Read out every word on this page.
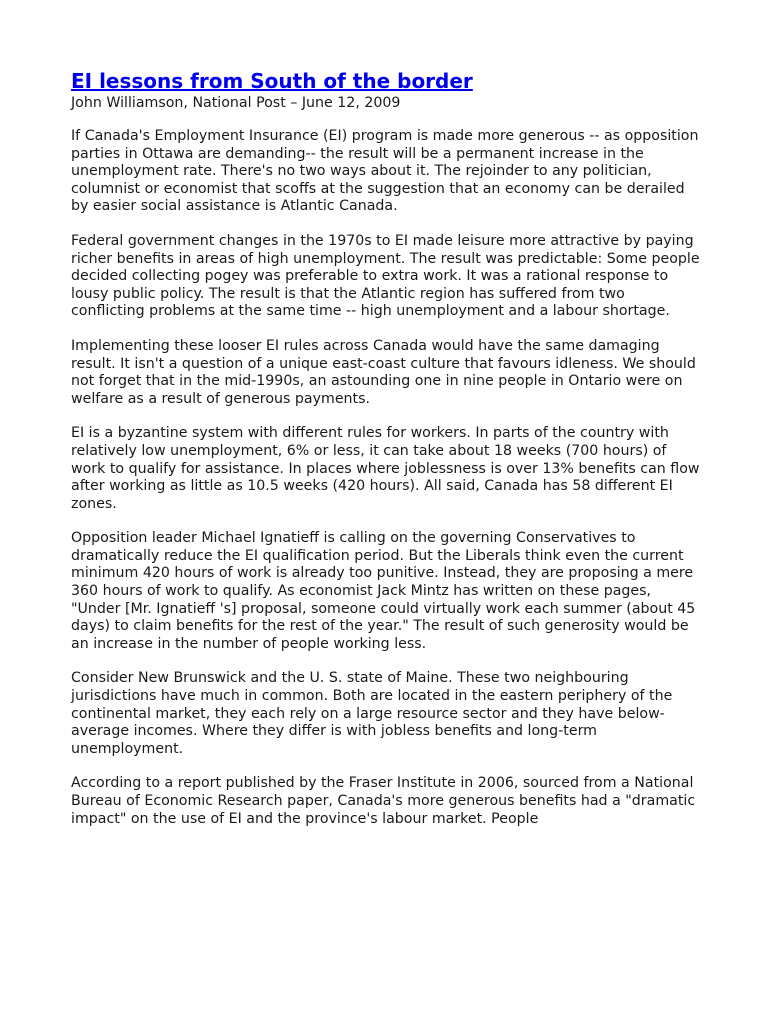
EI lessons from South of the border

John Williamson, National Post – June 12, 2009

If Canada's Employment Insurance (EI) program is made more generous -- as opposition parties in Ottawa are demanding-- the result will be a permanent increase in the unemployment rate. There's no two ways about it. The rejoinder to any politician, columnist or economist that scoffs at the suggestion that an economy can be derailed by easier social assistance is Atlantic Canada.

Federal government changes in the 1970s to EI made leisure more attractive by paying richer benefits in areas of high unemployment. The result was predictable: Some people decided collecting pogey was preferable to extra work. It was a rational response to lousy public policy. The result is that the Atlantic region has suffered from two conflicting problems at the same time -- high unemployment and a labour shortage.

Implementing these looser EI rules across Canada would have the same damaging result. It isn't a question of a unique east-coast culture that favours idleness. We should not forget that in the mid-1990s, an astounding one in nine people in Ontario were on welfare as a result of generous payments.

EI is a byzantine system with different rules for workers. In parts of the country with relatively low unemployment, 6% or less, it can take about 18 weeks (700 hours) of work to qualify for assistance. In places where joblessness is over 13% benefits can flow after working as little as 10.5 weeks (420 hours). All said, Canada has 58 different EI zones.

Opposition leader Michael Ignatieff is calling on the governing Conservatives to dramatically reduce the EI qualification period. But the Liberals think even the current minimum 420 hours of work is already too punitive. Instead, they are proposing a mere 360 hours of work to qualify. As economist Jack Mintz has written on these pages, "Under [Mr. Ignatieff 's] proposal, someone could virtually work each summer (about 45 days) to claim benefits for the rest of the year." The result of such generosity would be an increase in the number of people working less.

Consider New Brunswick and the U. S. state of Maine. These two neighbouring jurisdictions have much in common. Both are located in the eastern periphery of the continental market, they each rely on a large resource sector and they have below-average incomes. Where they differ is with jobless benefits and long-term unemployment.

According to a report published by the Fraser Institute in 2006, sourced from a National Bureau of Economic Research paper, Canada's more generous benefits had a "dramatic impact" on the use of EI and the province's labour market. People
